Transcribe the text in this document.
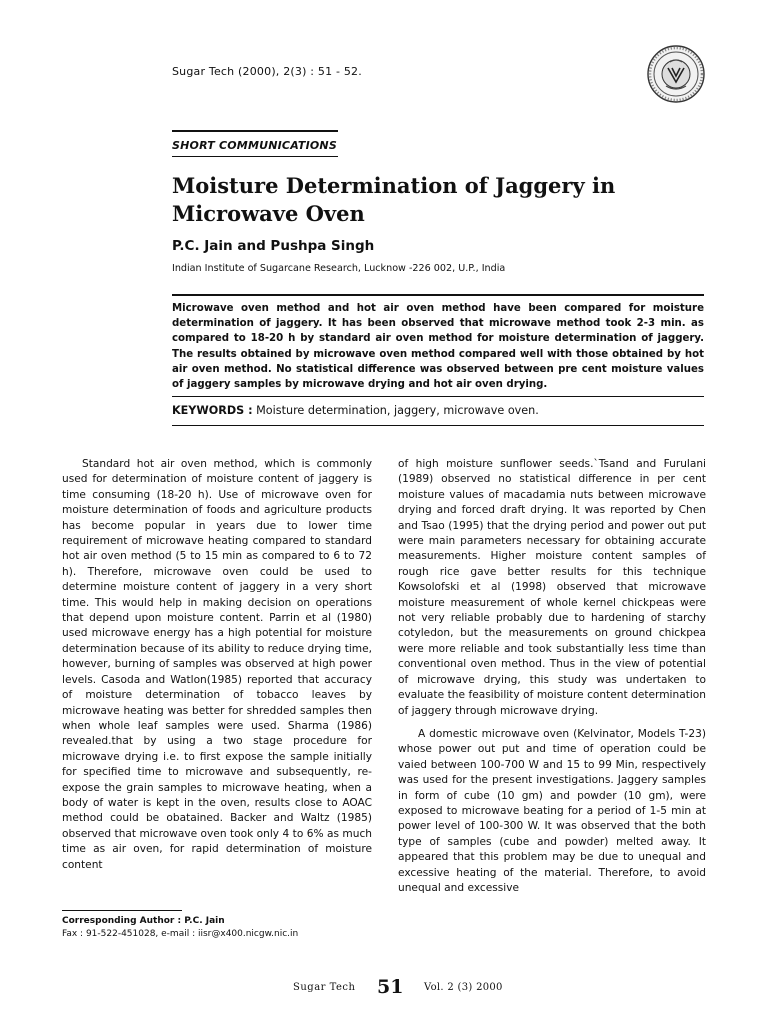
Sugar Tech (2000), 2(3) : 51 - 52.
SHORT COMMUNICATIONS
Moisture Determination of Jaggery in Microwave Oven
P.C. Jain and Pushpa Singh
Indian Institute of Sugarcane Research, Lucknow -226 002, U.P., India

Microwave oven method and hot air oven method have been compared for moisture determination of jaggery. It has been observed that microwave method took 2-3 min. as compared to 18-20 h by standard air oven method for moisture determination of jaggery. The results obtained by microwave oven method compared well with those obtained by hot air oven method. No statistical difference was observed between pre cent moisture values of jaggery samples by microwave drying and hot air oven drying.

KEYWORDS : Moisture determination, jaggery, microwave oven.

Standard hot air oven method, which is commonly used for determination of moisture content of jaggery is time consuming (18-20 h). Use of microwave oven for moisture determination of foods and agriculture products has become popular in years due to lower time requirement of microwave heating compared to standard hot air oven method (5 to 15 min as compared to 6 to 72 h). Therefore, microwave oven could be used to determine moisture content of jaggery in a very short time. This would help in making decision on operations that depend upon moisture content. Parrin et al (1980) used microwave energy has a high potential for moisture determination because of its ability to reduce drying time, however, burning of samples was observed at high power levels. Casoda and Watlon(1985) reported that accuracy of moisture determination of tobacco leaves by microwave heating was better for shredded samples then when whole leaf samples were used. Sharma (1986) revealed.that by using a two stage procedure for microwave drying i.e. to first expose the sample initially for specified time to microwave and subsequently, re-expose the grain samples to microwave heating, when a body of water is kept in the oven, results close to AOAC method could be obatained. Backer and Waltz (1985) observed that microwave oven took only 4 to 6% as much time as air oven, for rapid determination of moisture content

of high moisture sunflower seeds.`Tsand and Furulani (1989) observed no statistical difference in per cent moisture values of macadamia nuts between microwave drying and forced draft drying. It was reported by Chen and Tsao (1995) that the drying period and power out put were main parameters necessary for obtaining accurate measurements. Higher moisture content samples of rough rice gave better results for this technique Kowsolofski et al (1998) observed that microwave moisture measurement of whole kernel chickpeas were not very reliable probably due to hardening of starchy cotyledon, but the measurements on ground chickpea were more reliable and took substantially less time than conventional oven method. Thus in the view of potential of microwave drying, this study was undertaken to evaluate the feasibility of moisture content determination of jaggery through microwave drying.

A domestic microwave oven (Kelvinator, Models T-23) whose power out put and time of operation could be vaied between 100-700 W and 15 to 99 Min, respectively was used for the present investigations. Jaggery samples in form of cube (10 gm) and powder (10 gm), were exposed to microwave beating for a period of 1-5 min at power level of 100-300 W. It was observed that the both type of samples (cube and powder) melted away. It appeared that this problem may be due to unequal and excessive heating of the material. Therefore, to avoid unequal and excessive

Corresponding Author : P.C. Jain
Fax : 91-522-451028, e-mail : iisr@x400.nicgw.nic.in
Sugar Tech 51 Vol. 2 (3) 2000
